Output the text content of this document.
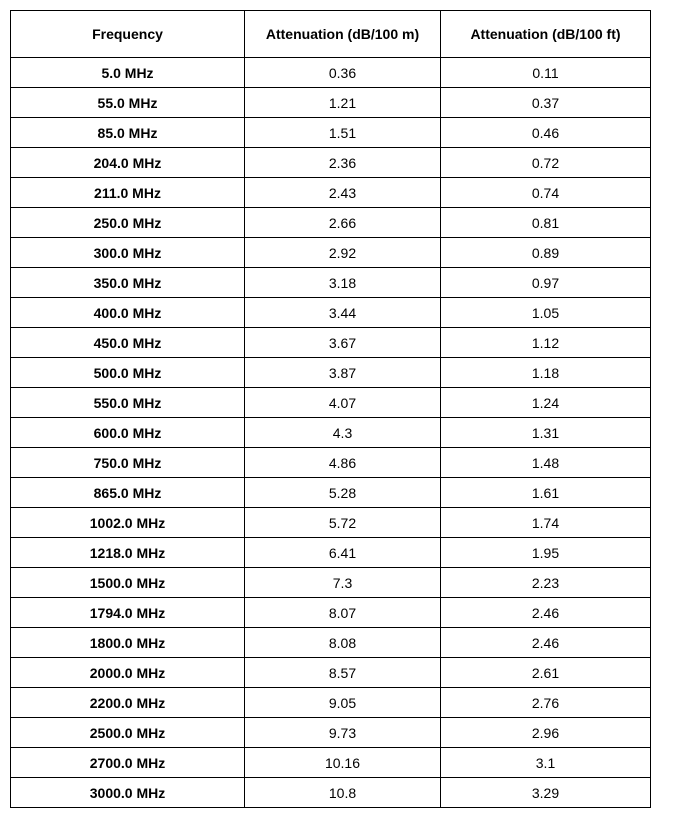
Frequency	Attenuation (dB/100 m)	Attenuation (dB/100 ft)
5.0 MHz	0.36	0.11
55.0 MHz	1.21	0.37
85.0 MHz	1.51	0.46
204.0 MHz	2.36	0.72
211.0 MHz	2.43	0.74
250.0 MHz	2.66	0.81
300.0 MHz	2.92	0.89
350.0 MHz	3.18	0.97
400.0 MHz	3.44	1.05
450.0 MHz	3.67	1.12
500.0 MHz	3.87	1.18
550.0 MHz	4.07	1.24
600.0 MHz	4.3	1.31
750.0 MHz	4.86	1.48
865.0 MHz	5.28	1.61
1002.0 MHz	5.72	1.74
1218.0 MHz	6.41	1.95
1500.0 MHz	7.3	2.23
1794.0 MHz	8.07	2.46
1800.0 MHz	8.08	2.46
2000.0 MHz	8.57	2.61
2200.0 MHz	9.05	2.76
2500.0 MHz	9.73	2.96
2700.0 MHz	10.16	3.1
3000.0 MHz	10.8	3.29
